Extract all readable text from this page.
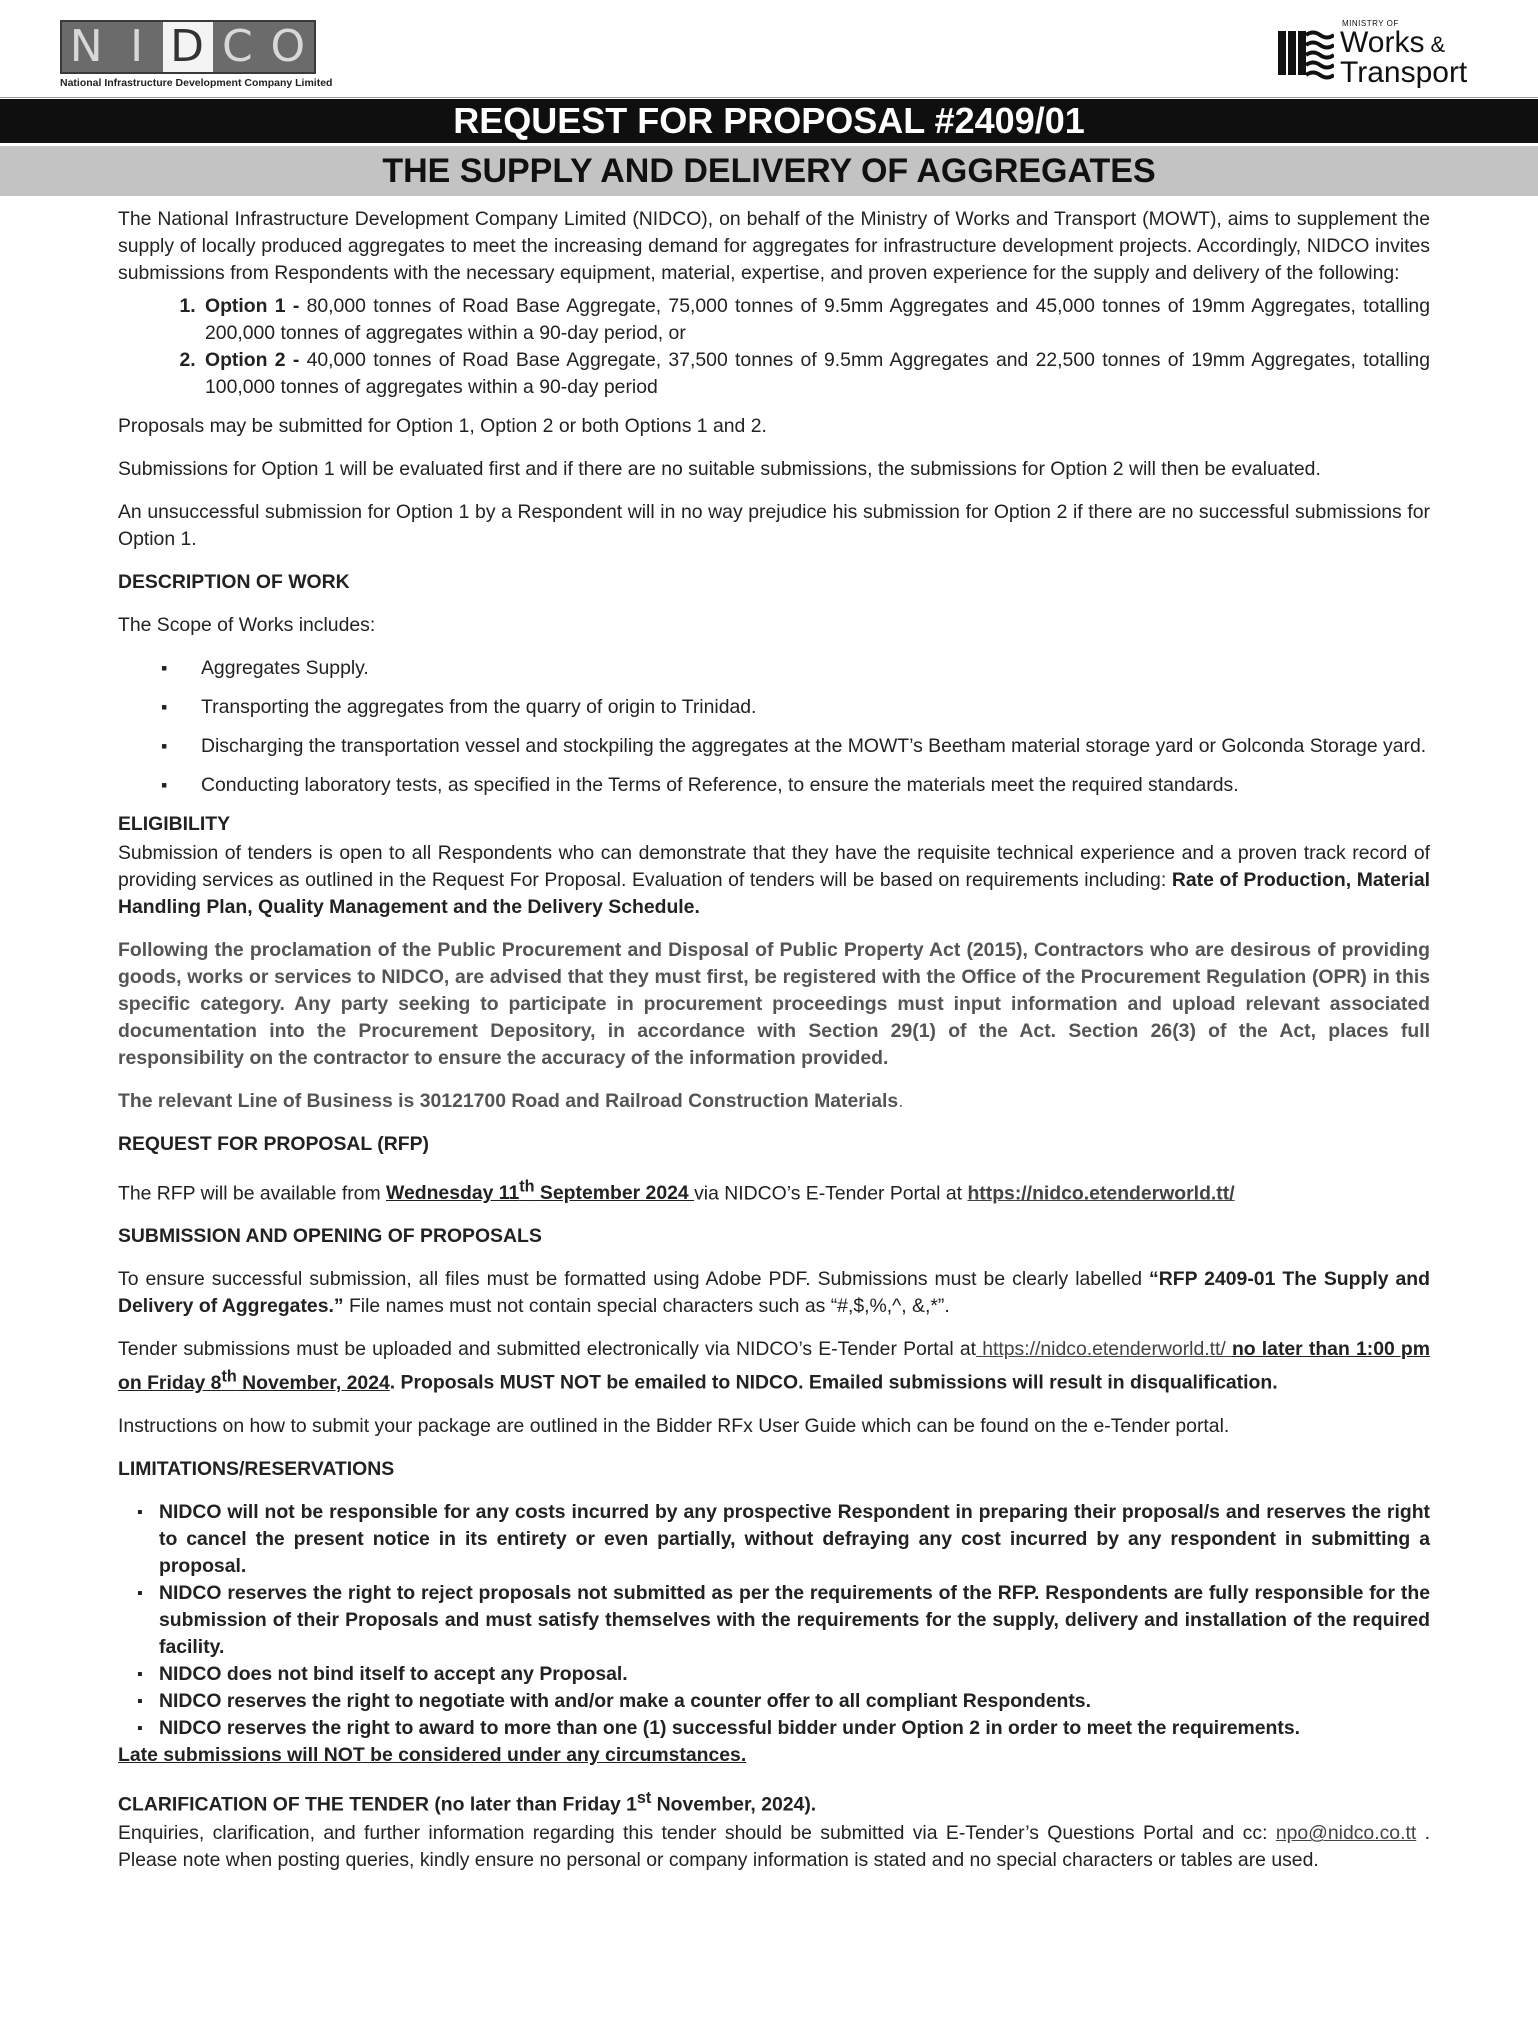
N I D C O
National Infrastructure Development Company Limited
MINISTRY OF
Works &
Transport
REQUEST FOR PROPOSAL #2409/01
THE SUPPLY AND DELIVERY OF AGGREGATES

The National Infrastructure Development Company Limited (NIDCO), on behalf of the Ministry of Works and Transport (MOWT), aims to supplement the supply of locally produced aggregates to meet the increasing demand for aggregates for infrastructure development projects. Accordingly, NIDCO invites submissions from Respondents with the necessary equipment, material, expertise, and proven experience for the supply and delivery of the following:

1. Option 1 - 80,000 tonnes of Road Base Aggregate, 75,000 tonnes of 9.5mm Aggregates and 45,000 tonnes of 19mm Aggregates, totalling 200,000 tonnes of aggregates within a 90-day period, or
2. Option 2 - 40,000 tonnes of Road Base Aggregate, 37,500 tonnes of 9.5mm Aggregates and 22,500 tonnes of 19mm Aggregates, totalling 100,000 tonnes of aggregates within a 90-day period

Proposals may be submitted for Option 1, Option 2 or both Options 1 and 2.

Submissions for Option 1 will be evaluated first and if there are no suitable submissions, the submissions for Option 2 will then be evaluated.

An unsuccessful submission for Option 1 by a Respondent will in no way prejudice his submission for Option 2 if there are no successful submissions for Option 1.

DESCRIPTION OF WORK

The Scope of Works includes:

▪ Aggregates Supply.
▪ Transporting the aggregates from the quarry of origin to Trinidad.
▪ Discharging the transportation vessel and stockpiling the aggregates at the MOWT’s Beetham material storage yard or Golconda Storage yard.
▪ Conducting laboratory tests, as specified in the Terms of Reference, to ensure the materials meet the required standards.
ELIGIBILITY

Submission of tenders is open to all Respondents who can demonstrate that they have the requisite technical experience and a proven track record of providing services as outlined in the Request For Proposal. Evaluation of tenders will be based on requirements including: Rate of Production, Material Handling Plan, Quality Management and the Delivery Schedule.

Following the proclamation of the Public Procurement and Disposal of Public Property Act (2015), Contractors who are desirous of providing goods, works or services to NIDCO, are advised that they must first, be registered with the Office of the Procurement Regulation (OPR) in this specific category. Any party seeking to participate in procurement proceedings must input information and upload relevant associated documentation into the Procurement Depository, in accordance with Section 29(1) of the Act. Section 26(3) of the Act, places full responsibility on the contractor to ensure the accuracy of the information provided.

The relevant Line of Business is 30121700 Road and Railroad Construction Materials.

REQUEST FOR PROPOSAL (RFP)

The RFP will be available from Wednesday 11th September 2024 via NIDCO’s E-Tender Portal at https://nidco.etenderworld.tt/

SUBMISSION AND OPENING OF PROPOSALS

To ensure successful submission, all files must be formatted using Adobe PDF. Submissions must be clearly labelled “RFP 2409-01 The Supply and Delivery of Aggregates.” File names must not contain special characters such as “#,$,%,^, &,*”.

Tender submissions must be uploaded and submitted electronically via NIDCO’s E-Tender Portal at https://nidco.etenderworld.tt/ no later than 1:00 pm on Friday 8th November, 2024. Proposals MUST NOT be emailed to NIDCO. Emailed submissions will result in disqualification.

Instructions on how to submit your package are outlined in the Bidder RFx User Guide which can be found on the e-Tender portal.

LIMITATIONS/RESERVATIONS
▪ NIDCO will not be responsible for any costs incurred by any prospective Respondent in preparing their proposal/s and reserves the right to cancel the present notice in its entirety or even partially, without defraying any cost incurred by any respondent in submitting a proposal.
▪ NIDCO reserves the right to reject proposals not submitted as per the requirements of the RFP. Respondents are fully responsible for the submission of their Proposals and must satisfy themselves with the requirements for the supply, delivery and installation of the required facility.
▪ NIDCO does not bind itself to accept any Proposal.
▪ NIDCO reserves the right to negotiate with and/or make a counter offer to all compliant Respondents.
▪ NIDCO reserves the right to award to more than one (1) successful bidder under Option 2 in order to meet the requirements.

Late submissions will NOT be considered under any circumstances.

CLARIFICATION OF THE TENDER (no later than Friday 1st November, 2024).

Enquiries, clarification, and further information regarding this tender should be submitted via E-Tender’s Questions Portal and cc: npo@nidco.co.tt . Please note when posting queries, kindly ensure no personal or company information is stated and no special characters or tables are used.
